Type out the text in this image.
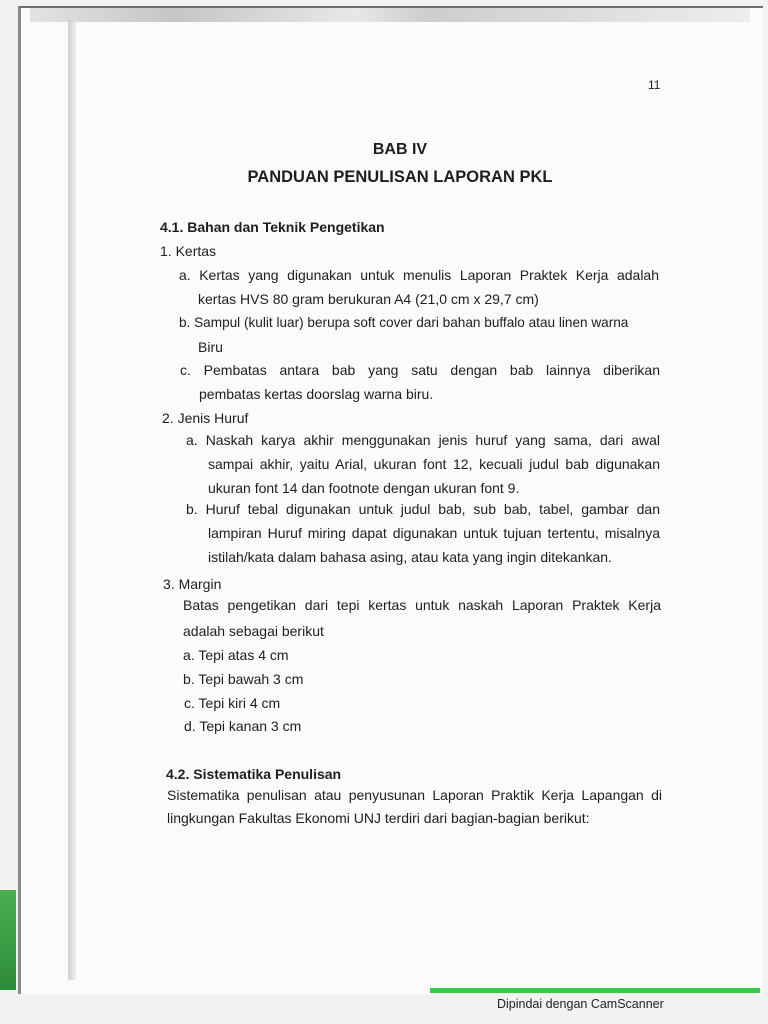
11
BAB IV
PANDUAN PENULISAN LAPORAN PKL
4.1. Bahan dan Teknik Pengetikan
1. Kertas
a. Kertas yang digunakan untuk menulis Laporan Praktek Kerja adalah
kertas HVS 80 gram berukuran A4 (21,0 cm x 29,7 cm)
b. Sampul (kulit luar) berupa soft cover dari bahan buffalo atau linen warna
Biru
c. Pembatas antara bab yang satu dengan bab lainnya diberikan
pembatas kertas doorslag warna biru.
2. Jenis Huruf
a. Naskah karya akhir menggunakan jenis huruf yang sama, dari awal
sampai akhir, yaitu Arial, ukuran font 12, kecuali judul bab digunakan
ukuran font 14 dan footnote dengan ukuran font 9.
b. Huruf tebal digunakan untuk judul bab, sub bab, tabel, gambar dan
lampiran Huruf miring dapat digunakan untuk tujuan tertentu, misalnya
istilah/kata dalam bahasa asing, atau kata yang ingin ditekankan.
3. Margin
Batas pengetikan dari tepi kertas untuk naskah Laporan Praktek Kerja
adalah sebagai berikut
a. Tepi atas 4 cm
b. Tepi bawah 3 cm
c. Tepi kiri 4 cm
d. Tepi kanan 3 cm
4.2. Sistematika Penulisan
Sistematika penulisan atau penyusunan Laporan Praktik Kerja Lapangan di
lingkungan Fakultas Ekonomi UNJ terdiri dari bagian-bagian berikut:
Dipindai dengan CamScanner
